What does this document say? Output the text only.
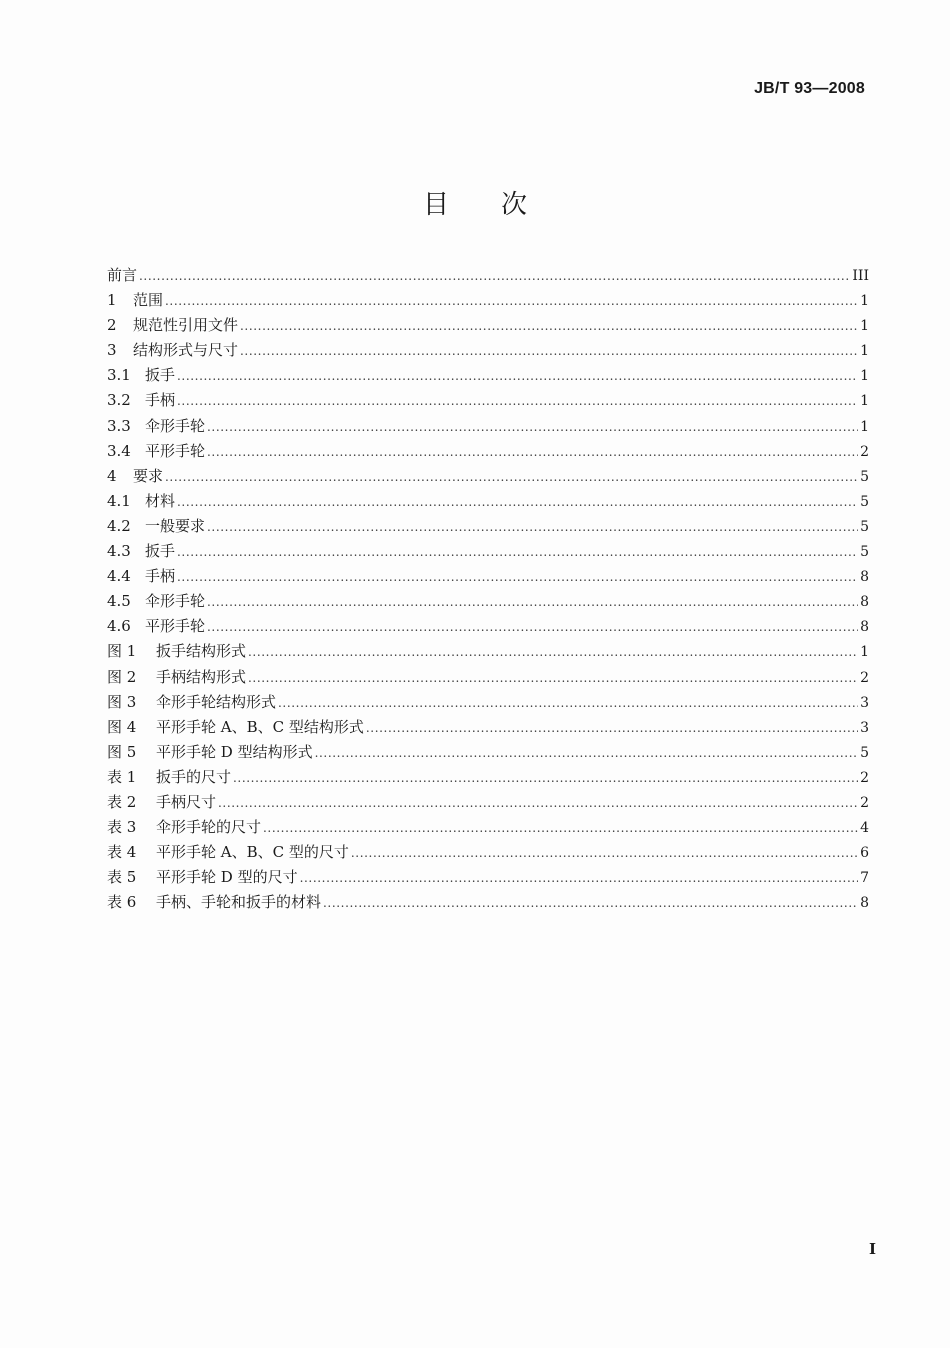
JB/T 93—2008
目次
前言 .....	III
1	范围 .....	1
2	规范性引用文件 .....	1
3	结构形式与尺寸 .....	1
3.1 扳手 .....	1
3.2 手柄 .....	1
3.3 伞形手轮 .....	1
3.4 平形手轮 .....	2
4	要求 .....	5
4.1 材料 .....	5
4.2 一般要求 .....	5
4.3 扳手 .....	5
4.4 手柄 .....	8
4.5 伞形手轮 .....	8
4.6 平形手轮 .....	8
图 1	扳手结构形式 .....	1
图 2	手柄结构形式 .....	2
图 3	伞形手轮结构形式 .....	3
图 4	平形手轮 A、B、C 型结构形式 .....	3
图 5	平形手轮 D 型结构形式 .....	5
表 1	扳手的尺寸 .....	2
表 2	手柄尺寸 .....	2
表 3	伞形手轮的尺寸 .....	4
表 4	平形手轮 A、B、C 型的尺寸 .....	6
表 5	平形手轮 D 型的尺寸 .....	7
表 6	手柄、手轮和扳手的材料 .....	8
I
